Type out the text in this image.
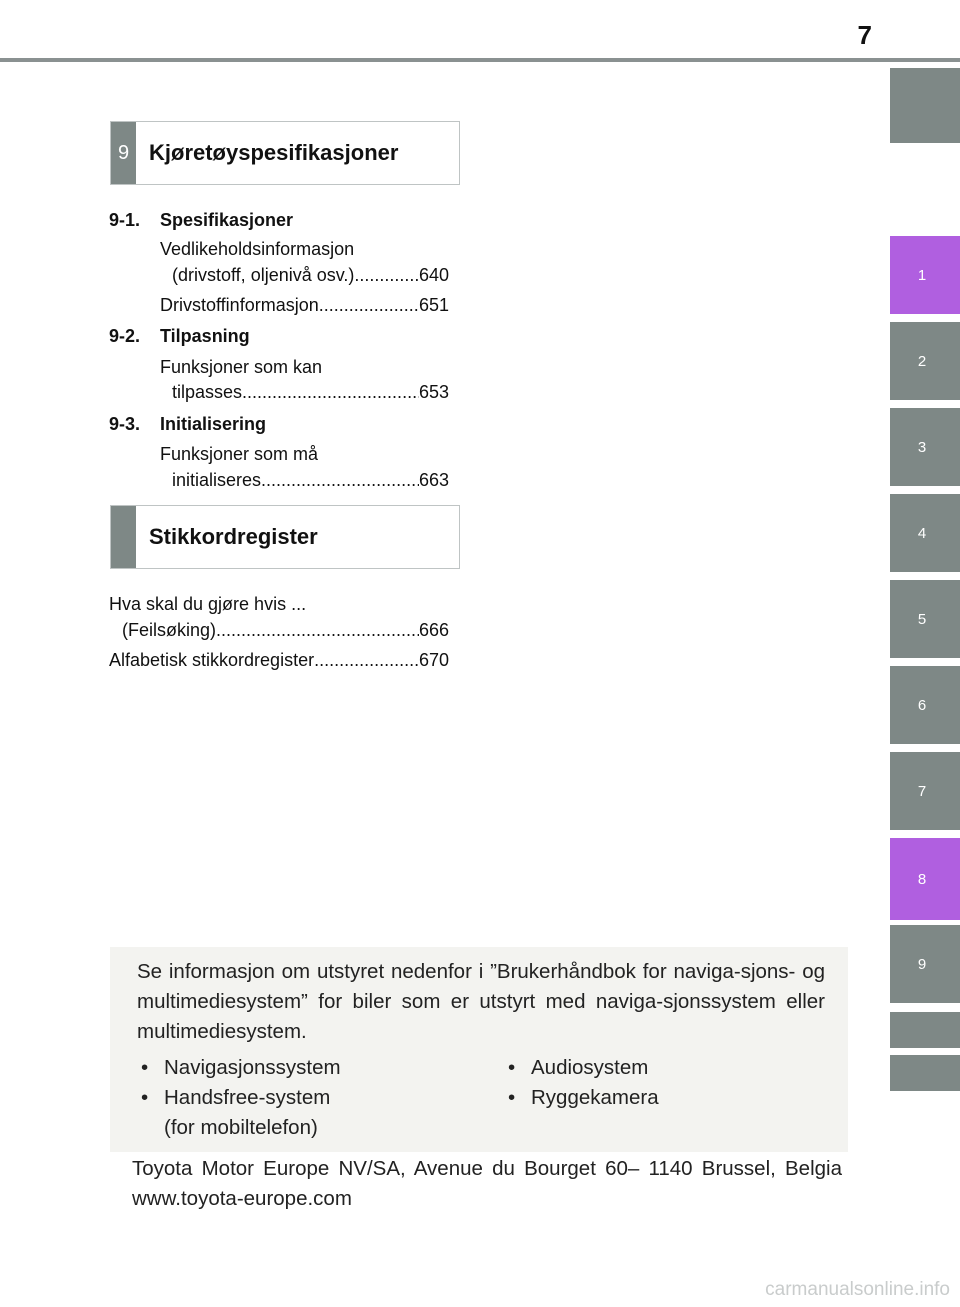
7
1
2
3
4
5
6
7
8
9
9 Kjøretøyspesifikasjoner
9-1. Spesifikasjoner
Vedlikeholdsinformasjon
(drivstoff, oljenivå osv.) .....	640
Drivstoffinformasjon .....	651
9-2. Tilpasning
Funksjoner som kan
tilpasses .....	653
9-3. Initialisering
Funksjoner som må
initialiseres .....	663
Stikkordregister
Hva skal du gjøre hvis ...
(Feilsøking) .....	666
Alfabetisk stikkordregister .....	670
Se informasjon om utstyret nedenfor i ”Brukerhåndbok for naviga-sjons- og multimediesystem” for biler som er utstyrt med naviga-sjonssystem eller multimediesystem.
• Navigasjonssystem
• Handsfree-system
(for mobiltelefon)
• Audiosystem
• Ryggekamera
Toyota Motor Europe NV/SA, Avenue du Bourget 60– 1140 Brussel, Belgia www.toyota-europe.com
carmanualsonline.info
